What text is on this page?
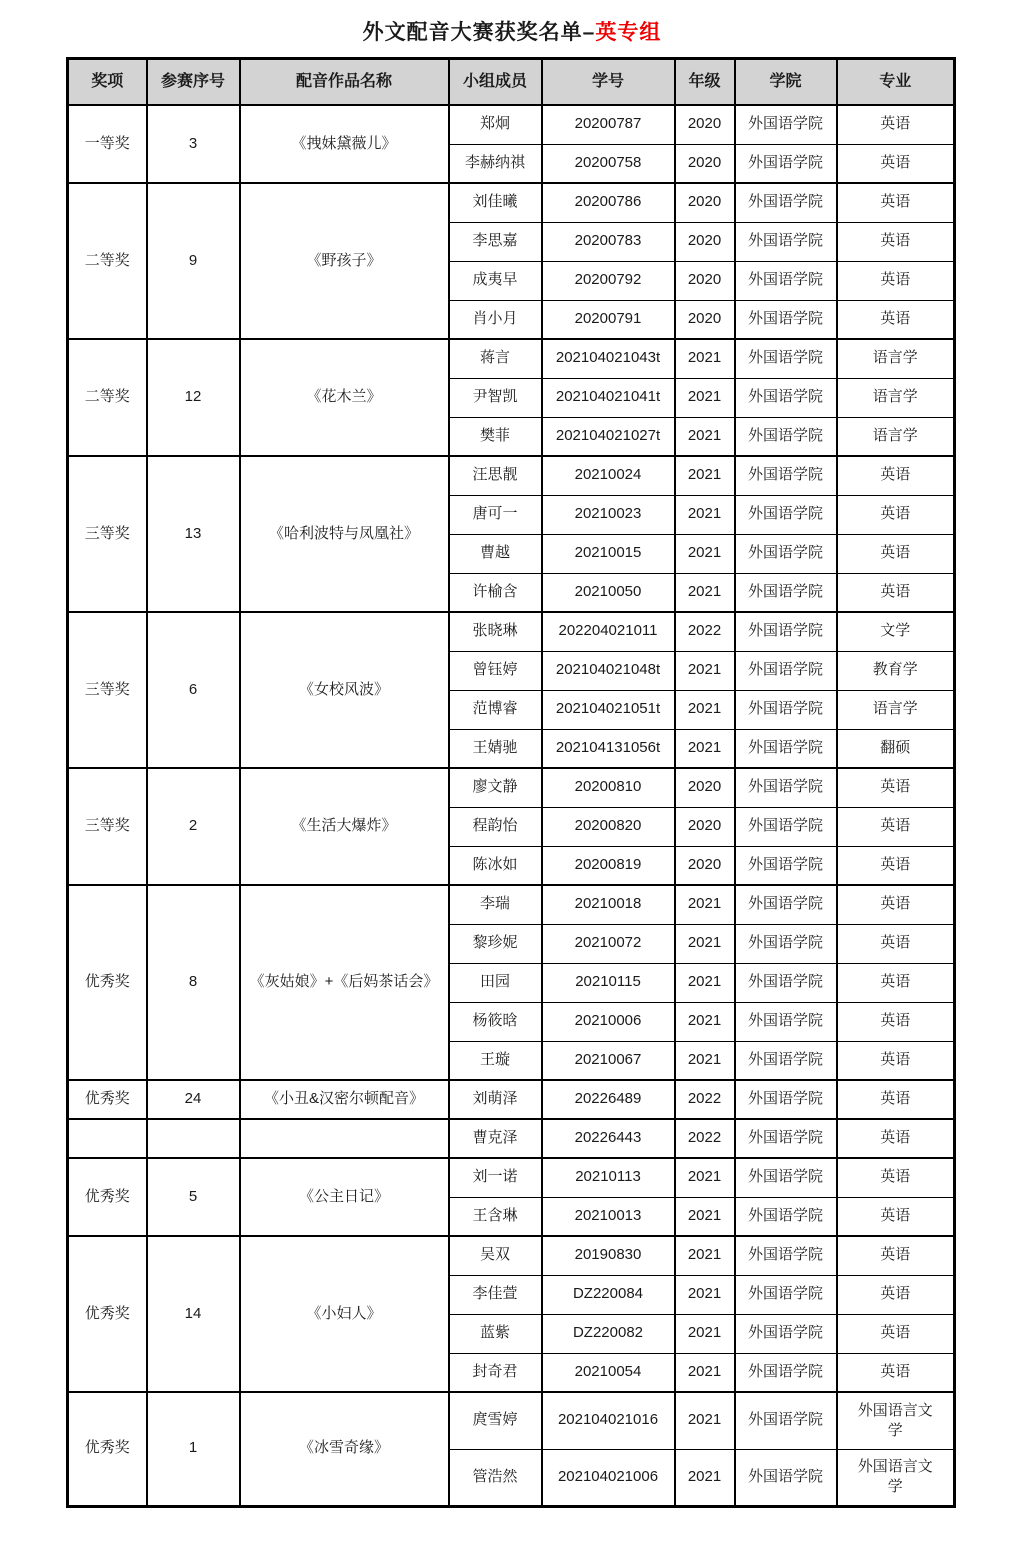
外文配音大赛获奖名单–英专组
奖项	参赛序号	配音作品名称	小组成员	学号	年级	学院	专业
一等奖	3	《拽妹黛薇儿》	郑炯	20200787	2020	外国语学院	英语
			李赫纳祺	20200758	2020	外国语学院	英语
二等奖	9	《野孩子》	刘佳曦	20200786	2020	外国语学院	英语
			李思嘉	20200783	2020	外国语学院	英语
			成夷早	20200792	2020	外国语学院	英语
			肖小月	20200791	2020	外国语学院	英语
二等奖	12	《花木兰》	蒋言	202104021043t	2021	外国语学院	语言学
			尹智凯	202104021041t	2021	外国语学院	语言学
			樊菲	202104021027t	2021	外国语学院	语言学
三等奖	13	《哈利波特与凤凰社》	汪思靓	20210024	2021	外国语学院	英语
			唐可一	20210023	2021	外国语学院	英语
			曹越	20210015	2021	外国语学院	英语
			许榆含	20210050	2021	外国语学院	英语
三等奖	6	《女校风波》	张晓琳	202204021011	2022	外国语学院	文学
			曾钰婷	202104021048t	2021	外国语学院	教育学
			范博睿	202104021051t	2021	外国语学院	语言学
			王婧驰	202104131056t	2021	外国语学院	翻硕
三等奖	2	《生活大爆炸》	廖文静	20200810	2020	外国语学院	英语
			程韵怡	20200820	2020	外国语学院	英语
			陈冰如	20200819	2020	外国语学院	英语
优秀奖	8	《灰姑娘》+《后妈茶话会》	李瑞	20210018	2021	外国语学院	英语
			黎珍妮	20210072	2021	外国语学院	英语
			田园	20210115	2021	外国语学院	英语
			杨筱晗	20210006	2021	外国语学院	英语
			王璇	20210067	2021	外国语学院	英语
优秀奖	24	《小丑&汉密尔顿配音》	刘萌泽	20226489	2022	外国语学院	英语
			曹克泽	20226443	2022	外国语学院	英语
优秀奖	5	《公主日记》	刘一诺	20210113	2021	外国语学院	英语
			王含琳	20210013	2021	外国语学院	英语
优秀奖	14	《小妇人》	吴双	20190830	2021	外国语学院	英语
			李佳萱	DZ220084	2021	外国语学院	英语
			蓝紫	DZ220082	2021	外国语学院	英语
			封奇君	20210054	2021	外国语学院	英语
优秀奖	1	《冰雪奇缘》	庹雪婷	202104021016	2021	外国语学院	外国语言文学
			管浩然	202104021006	2021	外国语学院	外国语言文学
